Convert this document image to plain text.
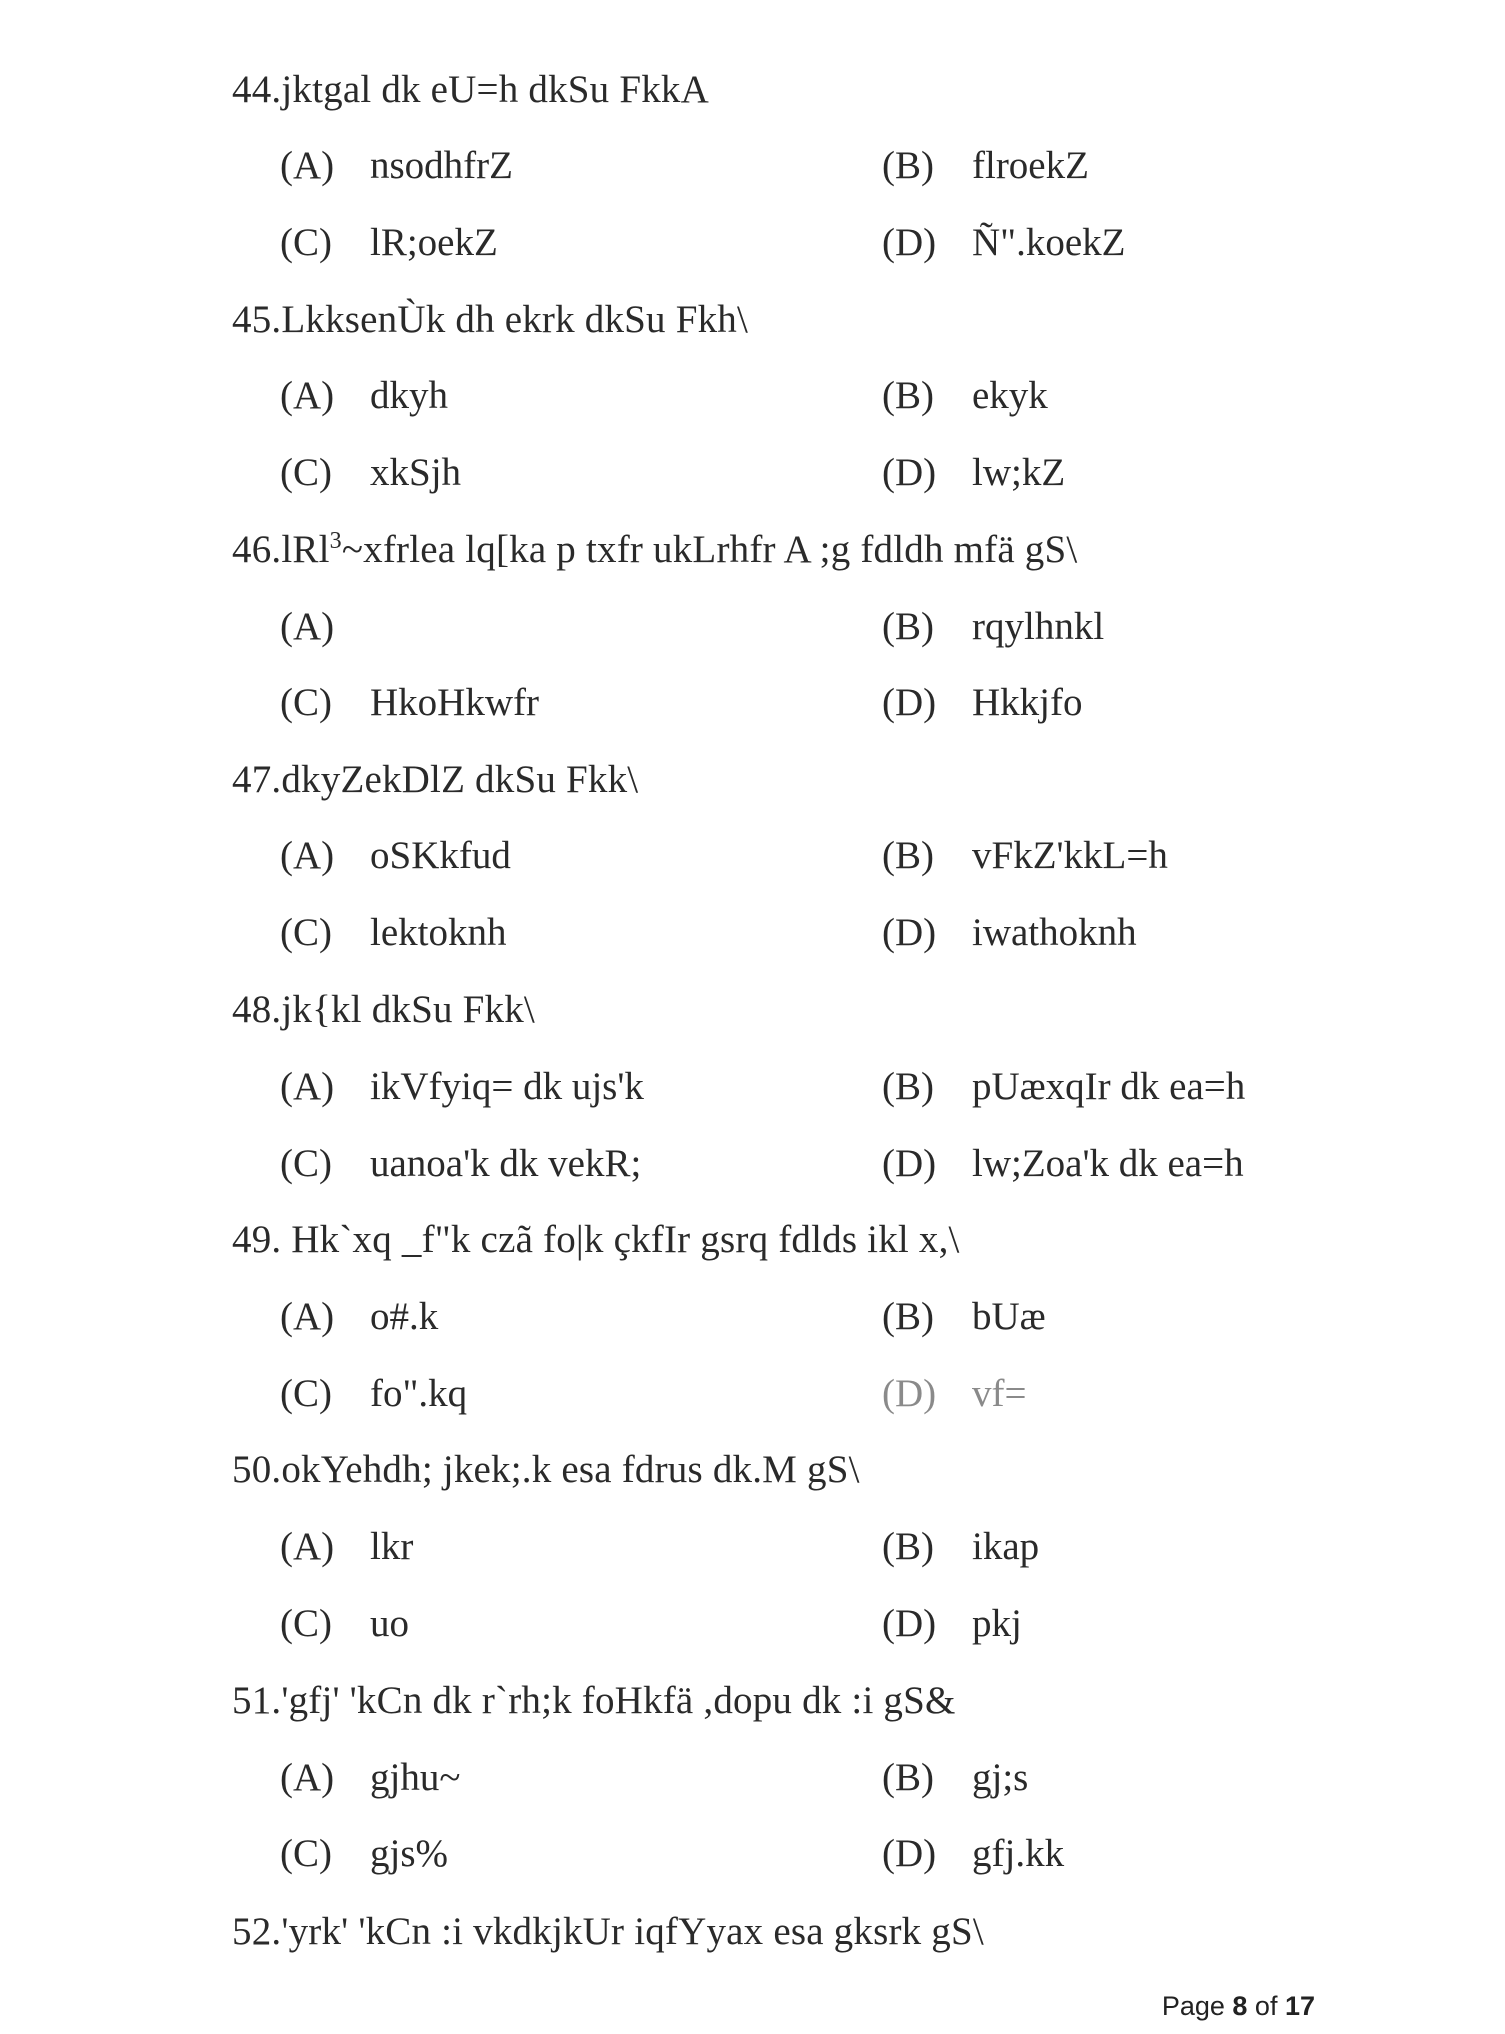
44.jktgal dk eU=h dkSu FkkA
(A) nsodhfrZ	(B) flroekZ
(C) lR;oekZ	(D) Ñ".koekZ
45.LkksenÙk dh ekrk dkSu Fkh\
(A) dkyh	(B) ekyk
(C) xkSjh	(D) lw;kZ
46.lRl$^3$~xfrlea lq[ka p txfr ukLrhfr A ;g fdldh mfä gS\
(A)	(B) rqylhnkl
(C) HkoHkwfr	(D) Hkkjfo
47.dkyZekDlZ dkSu Fkk\
(A) oSKkfud	(B) vFkZ'kkL=h
(C) lektoknh	(D) iwathoknh
48.jk{kl dkSu Fkk\
(A) ikVfyiq= dk ujs'k	(B) pUæxqIr dk ea=h
(C) uanoa'k dk vekR;	(D) lw;Zoa'k dk ea=h
49. Hk`xq _f"k czã fo|k çkfIr gsrq fdlds ikl x,\
(A) o#.k	(B) bUæ
(C) fo".kq	(D) vf=
50.okYehdh; jkek;.k esa fdrus dk.M gS\
(A) lkr	(B) ikap
(C) uo	(D) pkj
51.'gfj' 'kCn dk r`rh;k foHkfä ,dopu dk :i gS&
(A) gjhu~	(B) gj;s
(C) gjs%	(D) gfj.kk
52.'yrk' 'kCn :i vkdkjkUr iqfYyax esa gksrk gS\
Page 8 of 17
